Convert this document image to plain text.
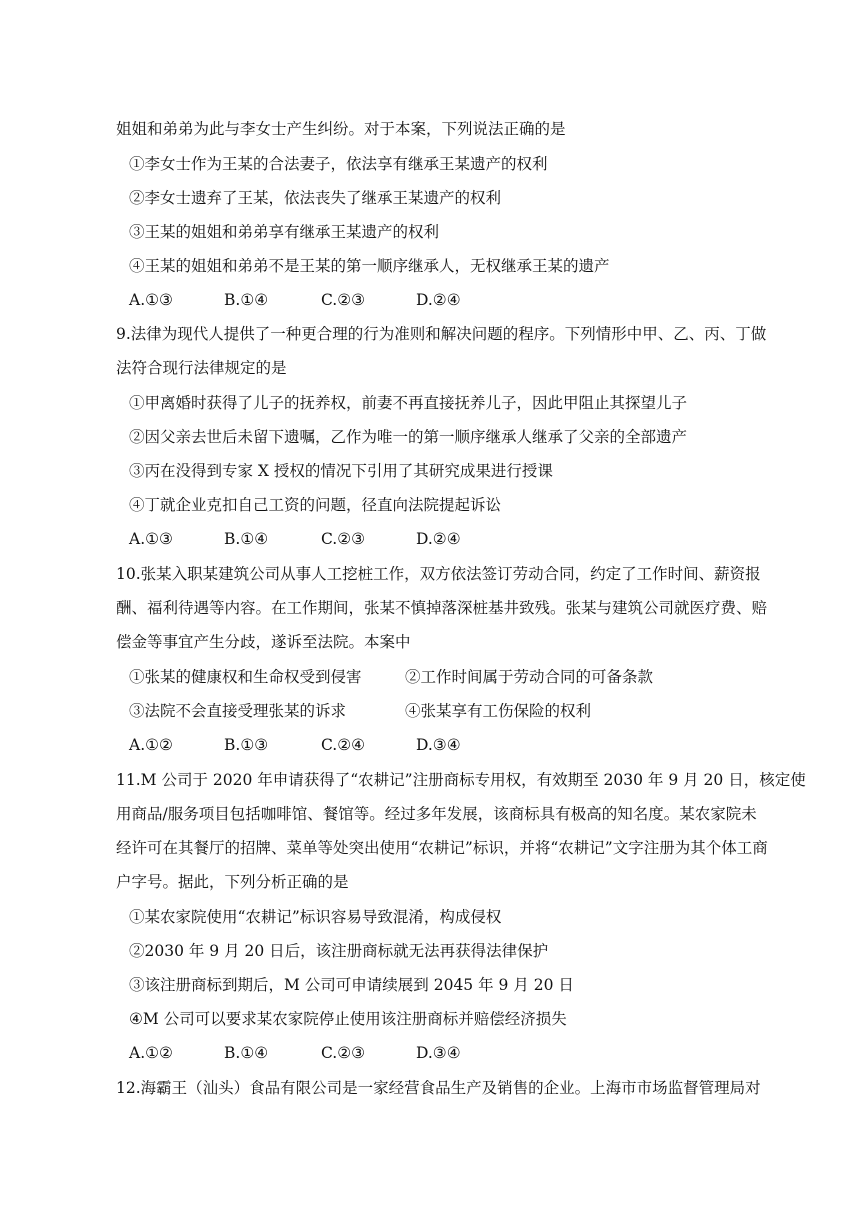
姐姐和弟弟为此与李女士产生纠纷。对于本案，下列说法正确的是
①李女士作为王某的合法妻子，依法享有继承王某遗产的权利
②李女士遗弃了王某，依法丧失了继承王某遗产的权利
③王某的姐姐和弟弟享有继承王某遗产的权利
④王某的姐姐和弟弟不是王某的第一顺序继承人，无权继承王某的遗产
A.①③	B.①④	C.②③	D.②④
9.法律为现代人提供了一种更合理的行为准则和解决问题的程序。下列情形中甲、乙、丙、丁做
法符合现行法律规定的是
①甲离婚时获得了儿子的抚养权，前妻不再直接抚养儿子，因此甲阻止其探望儿子
②因父亲去世后未留下遗嘱，乙作为唯一的第一顺序继承人继承了父亲的全部遗产
③丙在没得到专家 X 授权的情况下引用了其研究成果进行授课
④丁就企业克扣自己工资的问题，径直向法院提起诉讼
A.①③	B.①④	C.②③	D.②④
10.张某入职某建筑公司从事人工挖桩工作，双方依法签订劳动合同，约定了工作时间、薪资报
酬、福利待遇等内容。在工作期间，张某不慎掉落深桩基井致残。张某与建筑公司就医疗费、赔
偿金等事宜产生分歧，遂诉至法院。本案中
①张某的健康权和生命权受到侵害	②工作时间属于劳动合同的可备条款
③法院不会直接受理张某的诉求	④张某享有工伤保险的权利
A.①②	B.①③	C.②④	D.③④
11.M 公司于 2020 年申请获得了“农耕记”注册商标专用权，有效期至 2030 年 9 月 20 日，核定使
用商品/服务项目包括咖啡馆、餐馆等。经过多年发展，该商标具有极高的知名度。某农家院未
经许可在其餐厅的招牌、菜单等处突出使用“农耕记”标识，并将“农耕记”文字注册为其个体工商
户字号。据此，下列分析正确的是
①某农家院使用“农耕记”标识容易导致混淆，构成侵权
②2030 年 9 月 20 日后，该注册商标就无法再获得法律保护
③该注册商标到期后，M 公司可申请续展到 2045 年 9 月 20 日
④M 公司可以要求某农家院停止使用该注册商标并赔偿经济损失
A.①②	B.①④	C.②③	D.③④
12.海霸王（汕头）食品有限公司是一家经营食品生产及销售的企业。上海市市场监督管理局对
